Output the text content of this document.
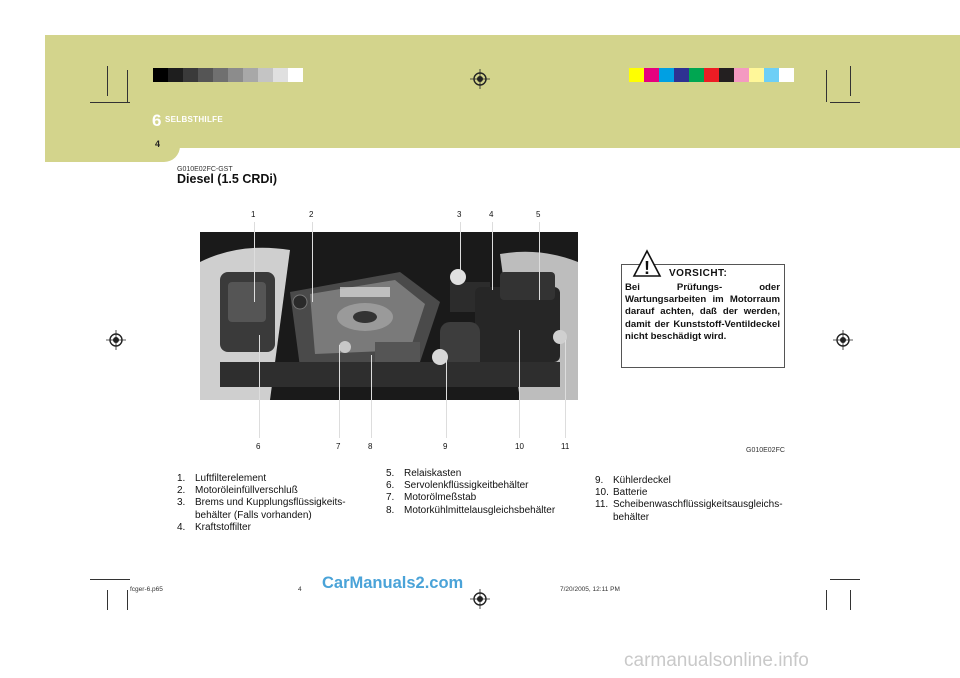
6 SELBSTHILFE
4
G010E02FC-GST
Diesel (1.5 CRDi)
1	2	3	4	5
6	7	8	9	10	11
! VORSICHT:
Bei Prüfungs- oder Wartungsarbeiten im Motorraum darauf achten, daß der werden, damit der Kunststoff-Ventildeckel nicht beschädigt wird.
G010E02FC
1. Luftfilterelement
2. Motoröleinfüllverschluß
3. Brems und Kupplungsflüssigkeits-behälter (Falls vorhanden)
4. Kraftstoffilter
5. Relaiskasten
6. Servolenkflüssigkeitbehälter
7. Motorölmeßstab
8. Motorkühlmittelausgleichsbehälter
9. Kühlerdeckel
10. Batterie
11. Scheibenwaschflüssigkeitsausgleichs-behälter
fcger-6.p65	4	7/20/2005, 12:11 PM
CarManuals2.com
carmanualsonline.info
